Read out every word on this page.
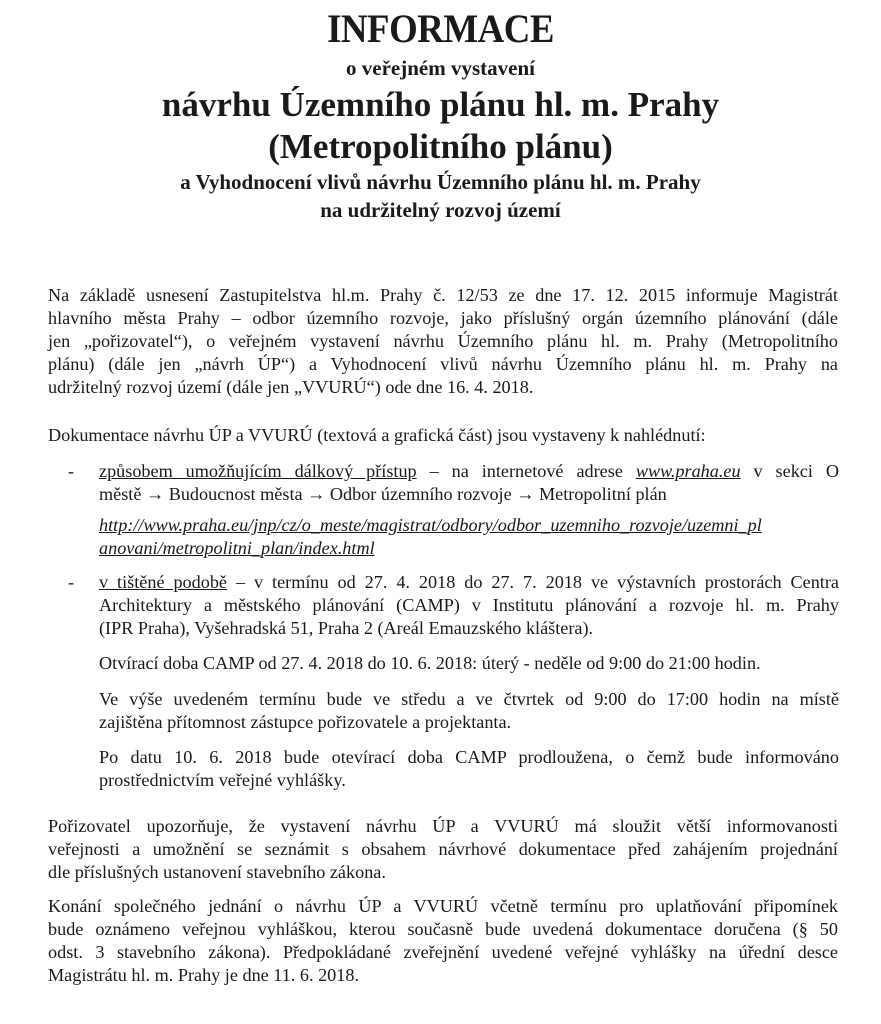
INFORMACE
o veřejném vystavení
návrhu Územního plánu hl. m. Prahy
(Metropolitního plánu)
a Vyhodnocení vlivů návrhu Územního plánu hl. m. Prahy
na udržitelný rozvoj území
Na základě usnesení Zastupitelstva hl.m. Prahy č. 12/53 ze dne 17. 12. 2015 informuje Magistrát
hlavního města Prahy – odbor územního rozvoje, jako příslušný orgán územního plánování (dále
jen „pořizovatel“), o veřejném vystavení návrhu Územního plánu hl. m. Prahy (Metropolitního
plánu) (dále jen „návrh ÚP“) a Vyhodnocení vlivů návrhu Územního plánu hl. m. Prahy na
udržitelný rozvoj území (dále jen „VVURÚ“) ode dne 16. 4. 2018.
Dokumentace návrhu ÚP a VVURÚ (textová a grafická část) jsou vystaveny k nahlédnutí:
- způsobem umožňujícím dálkový přístup – na internetové adrese www.praha.eu v sekci O
městě → Budoucnost města → Odbor územního rozvoje → Metropolitní plán
http://www.praha.eu/jnp/cz/o_meste/magistrat/odbory/odbor_uzemniho_rozvoje/uzemni_pl
anovani/metropolitni_plan/index.html
- v tištěné podobě – v termínu od 27. 4. 2018 do 27. 7. 2018 ve výstavních prostorách Centra
Architektury a městského plánování (CAMP) v Institutu plánování a rozvoje hl. m. Prahy
(IPR Praha), Vyšehradská 51, Praha 2 (Areál Emauzského kláštera).
Otvírací doba CAMP od 27. 4. 2018 do 10. 6. 2018: úterý - neděle od 9:00 do 21:00 hodin.
Ve výše uvedeném termínu bude ve středu a ve čtvrtek od 9:00 do 17:00 hodin na místě
zajištěna přítomnost zástupce pořizovatele a projektanta.
Po datu 10. 6. 2018 bude otevírací doba CAMP prodloužena, o čemž bude informováno
prostřednictvím veřejné vyhlášky.
Pořizovatel upozorňuje, že vystavení návrhu ÚP a VVURÚ má sloužit větší informovanosti
veřejnosti a umožnění se seznámit s obsahem návrhové dokumentace před zahájením projednání
dle příslušných ustanovení stavebního zákona.
Konání společného jednání o návrhu ÚP a VVURÚ včetně termínu pro uplatňování připomínek
bude oznámeno veřejnou vyhláškou, kterou současně bude uvedená dokumentace doručena (§ 50
odst. 3 stavebního zákona). Předpokládané zveřejnění uvedené veřejné vyhlášky na úřední desce
Magistrátu hl. m. Prahy je dne 11. 6. 2018.
